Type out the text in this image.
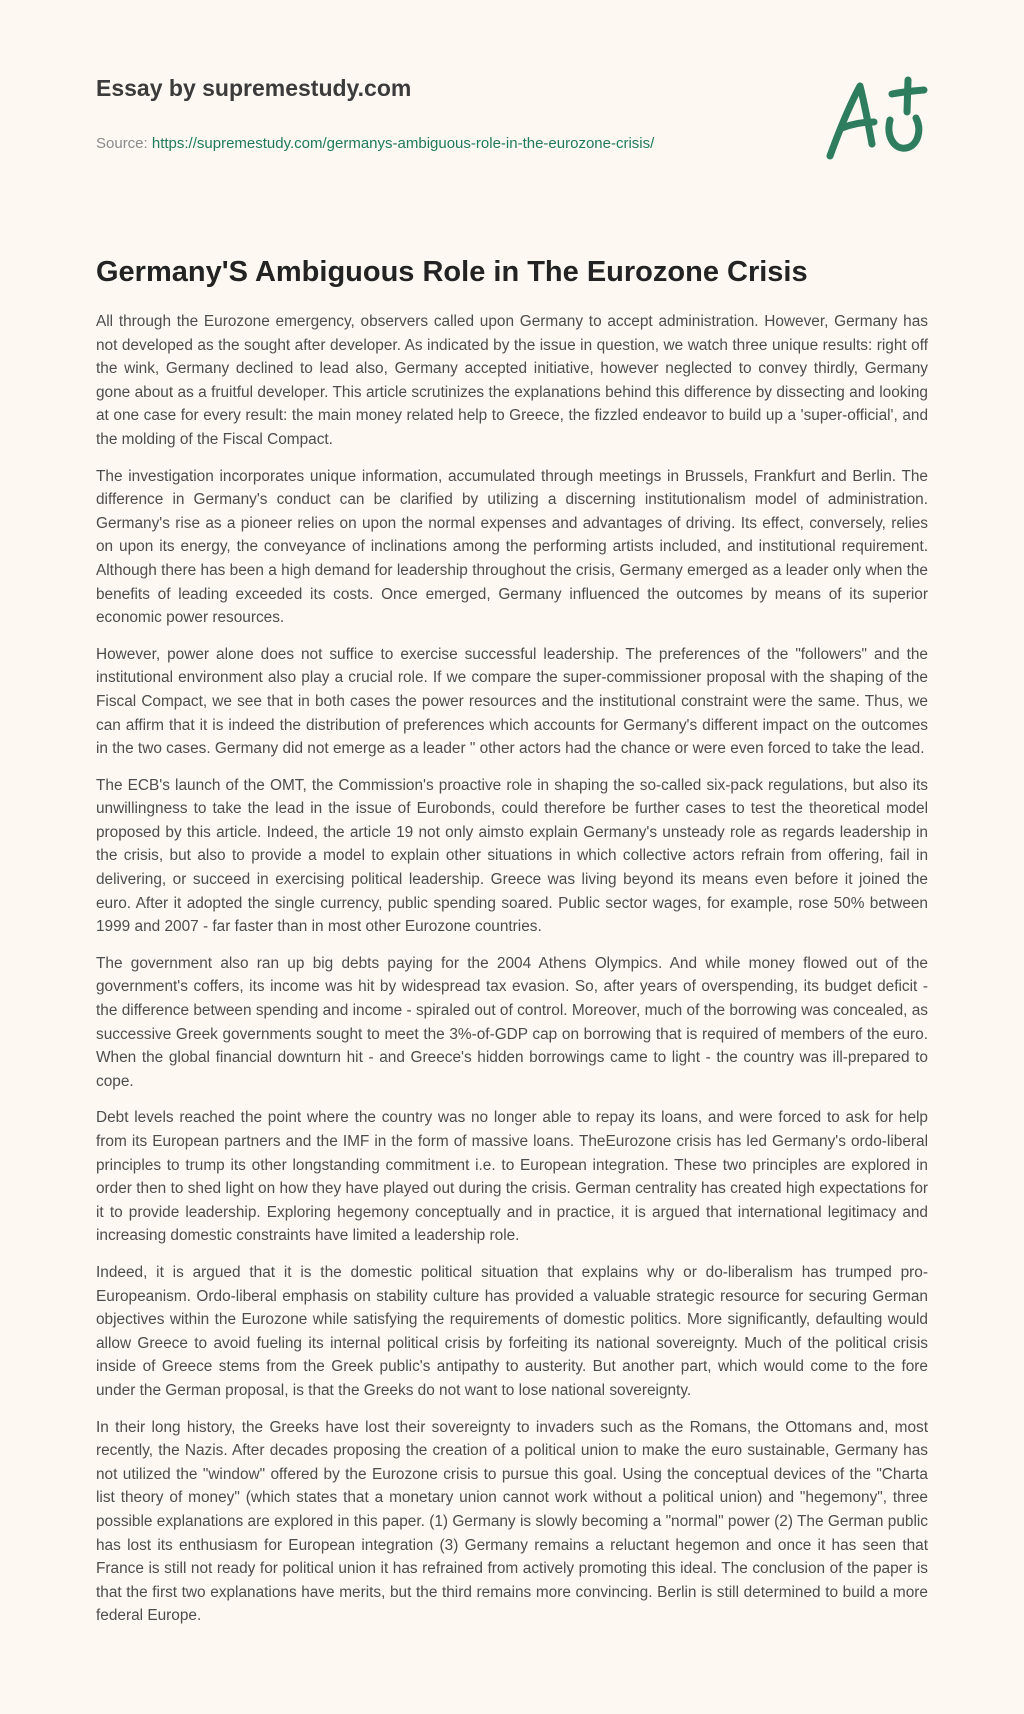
Essay by supremestudy.com
Source: https://supremestudy.com/germanys-ambiguous-role-in-the-eurozone-crisis/
Germany'S Ambiguous Role in The Eurozone Crisis

All through the Eurozone emergency, observers called upon Germany to accept administration. However, Germany has not developed as the sought after developer. As indicated by the issue in question, we watch three unique results: right off the wink, Germany declined to lead also, Germany accepted initiative, however neglected to convey thirdly, Germany gone about as a fruitful developer. This article scrutinizes the explanations behind this difference by dissecting and looking at one case for every result: the main money related help to Greece, the fizzled endeavor to build up a 'super-official', and the molding of the Fiscal Compact.

The investigation incorporates unique information, accumulated through meetings in Brussels, Frankfurt and Berlin. The difference in Germany's conduct can be clarified by utilizing a discerning institutionalism model of administration. Germany's rise as a pioneer relies on upon the normal expenses and advantages of driving. Its effect, conversely, relies on upon its energy, the conveyance of inclinations among the performing artists included, and institutional requirement. Although there has been a high demand for leadership throughout the crisis, Germany emerged as a leader only when the benefits of leading exceeded its costs. Once emerged, Germany influenced the outcomes by means of its superior economic power resources.

However, power alone does not suffice to exercise successful leadership. The preferences of the "followers" and the institutional environment also play a crucial role. If we compare the super-commissioner proposal with the shaping of the Fiscal Compact, we see that in both cases the power resources and the institutional constraint were the same. Thus, we can affirm that it is indeed the distribution of preferences which accounts for Germany's different impact on the outcomes in the two cases. Germany did not emerge as a leader " other actors had the chance or were even forced to take the lead.

The ECB's launch of the OMT, the Commission's proactive role in shaping the so-called six-pack regulations, but also its unwillingness to take the lead in the issue of Eurobonds, could therefore be further cases to test the theoretical model proposed by this article. Indeed, the article 19 not only aimsto explain Germany's unsteady role as regards leadership in the crisis, but also to provide a model to explain other situations in which collective actors refrain from offering, fail in delivering, or succeed in exercising political leadership. Greece was living beyond its means even before it joined the euro. After it adopted the single currency, public spending soared. Public sector wages, for example, rose 50% between 1999 and 2007 - far faster than in most other Eurozone countries.

The government also ran up big debts paying for the 2004 Athens Olympics. And while money flowed out of the government's coffers, its income was hit by widespread tax evasion. So, after years of overspending, its budget deficit - the difference between spending and income - spiraled out of control. Moreover, much of the borrowing was concealed, as successive Greek governments sought to meet the 3%-of-GDP cap on borrowing that is required of members of the euro. When the global financial downturn hit - and Greece's hidden borrowings came to light - the country was ill-prepared to cope.

Debt levels reached the point where the country was no longer able to repay its loans, and were forced to ask for help from its European partners and the IMF in the form of massive loans. TheEurozone crisis has led Germany's ordo-liberal principles to trump its other longstanding commitment i.e. to European integration. These two principles are explored in order then to shed light on how they have played out during the crisis. German centrality has created high expectations for it to provide leadership. Exploring hegemony conceptually and in practice, it is argued that international legitimacy and increasing domestic constraints have limited a leadership role.

Indeed, it is argued that it is the domestic political situation that explains why or do-liberalism has trumped pro-Europeanism. Ordo-liberal emphasis on stability culture has provided a valuable strategic resource for securing German objectives within the Eurozone while satisfying the requirements of domestic politics. More significantly, defaulting would allow Greece to avoid fueling its internal political crisis by forfeiting its national sovereignty. Much of the political crisis inside of Greece stems from the Greek public's antipathy to austerity. But another part, which would come to the fore under the German proposal, is that the Greeks do not want to lose national sovereignty.

In their long history, the Greeks have lost their sovereignty to invaders such as the Romans, the Ottomans and, most recently, the Nazis. After decades proposing the creation of a political union to make the euro sustainable, Germany has not utilized the "window" offered by the Eurozone crisis to pursue this goal. Using the conceptual devices of the "Charta list theory of money" (which states that a monetary union cannot work without a political union) and "hegemony", three possible explanations are explored in this paper. (1) Germany is slowly becoming a "normal" power (2) The German public has lost its enthusiasm for European integration (3) Germany remains a reluctant hegemon and once it has seen that France is still not ready for political union it has refrained from actively promoting this ideal. The conclusion of the paper is that the first two explanations have merits, but the third remains more convincing. Berlin is still determined to build a more federal Europe.
